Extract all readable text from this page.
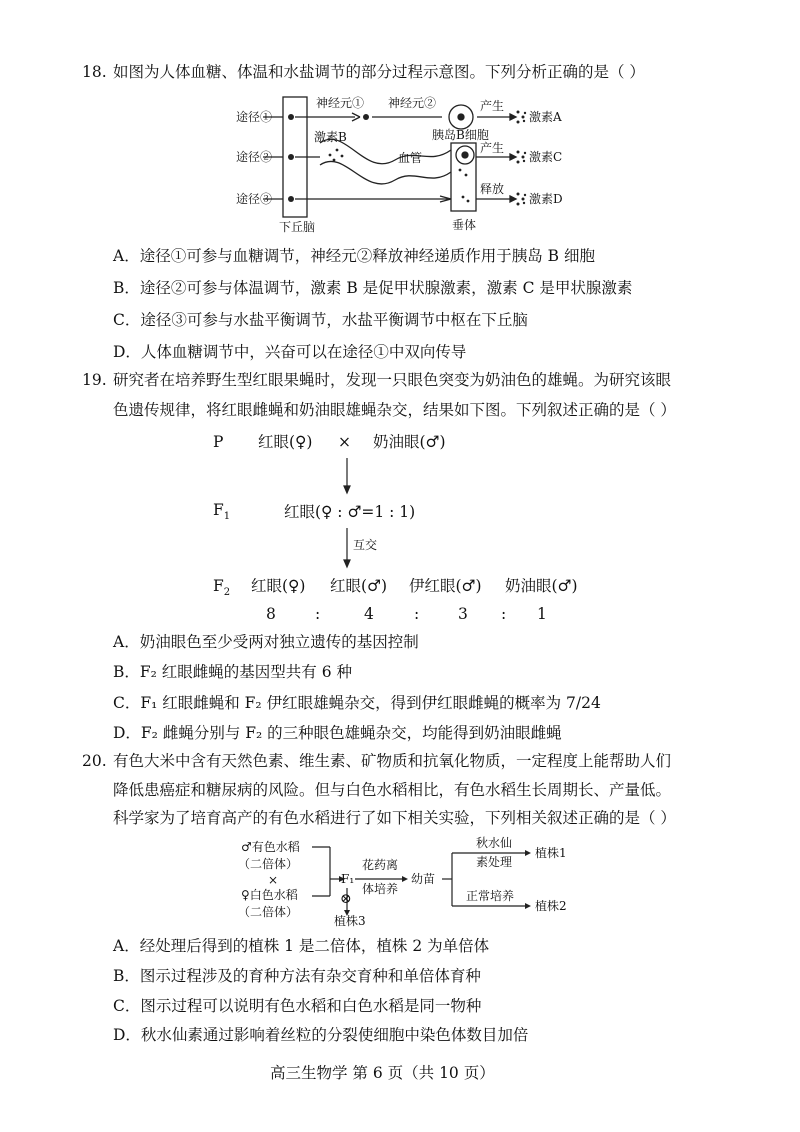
18. 如图为人体血糖、体温和水盐调节的部分过程示意图。下列分析正确的是（ ）
途径①
途径②
途径③
神经元① 神经元②	产生
激素A
胰岛B细胞
激素B
血管
产生
激素C
释放
激素D
下丘脑	垂体
A．途径①可参与血糖调节，神经元②释放神经递质作用于胰岛 B 细胞
B．途径②可参与体温调节，激素 B 是促甲状腺激素，激素 C 是甲状腺激素
C．途径③可参与水盐平衡调节，水盐平衡调节中枢在下丘脑
D．人体血糖调节中，兴奋可以在途径①中双向传导
19. 研究者在培养野生型红眼果蝇时，发现一只眼色突变为奶油色的雄蝇。为研究该眼
色遗传规律，将红眼雌蝇和奶油眼雄蝇杂交，结果如下图。下列叙述正确的是（ ）
P 红眼(♀) × 奶油眼(♂)
$F_1$	红眼(♀ : ♂=1 : 1)
互交
$F_2$ 红眼(♀) 红眼(♂) 伊红眼(♂) 奶油眼(♂)
8	:	4	:	3 : 1
A．奶油眼色至少受两对独立遗传的基因控制
B．F₂ 红眼雌蝇的基因型共有 6 种
C．F₁ 红眼雌蝇和 F₂ 伊红眼雄蝇杂交，得到伊红眼雌蝇的概率为 7/24
D．F₂ 雌蝇分别与 F₂ 的三种眼色雄蝇杂交，均能得到奶油眼雌蝇
20. 有色大米中含有天然色素、维生素、矿物质和抗氧化物质，一定程度上能帮助人们
降低患癌症和糖尿病的风险。但与白色水稻相比，有色水稻生长周期长、产量低。
科学家为了培育高产的有色水稻进行了如下相关实验，下列相关叙述正确的是（ ）
♂有色水稻
（二倍体）
×
♀白色水稻
（二倍体）
F₁
⊗
植株3
花药离
体培养
幼苗
秋水仙
素处理
植株1
正常培养
植株2
A．经处理后得到的植株 1 是二倍体，植株 2 为单倍体
B．图示过程涉及的育种方法有杂交育种和单倍体育种
C．图示过程可以说明有色水稻和白色水稻是同一物种
D．秋水仙素通过影响着丝粒的分裂使细胞中染色体数目加倍
高三生物学 第 6 页（共 10 页）
